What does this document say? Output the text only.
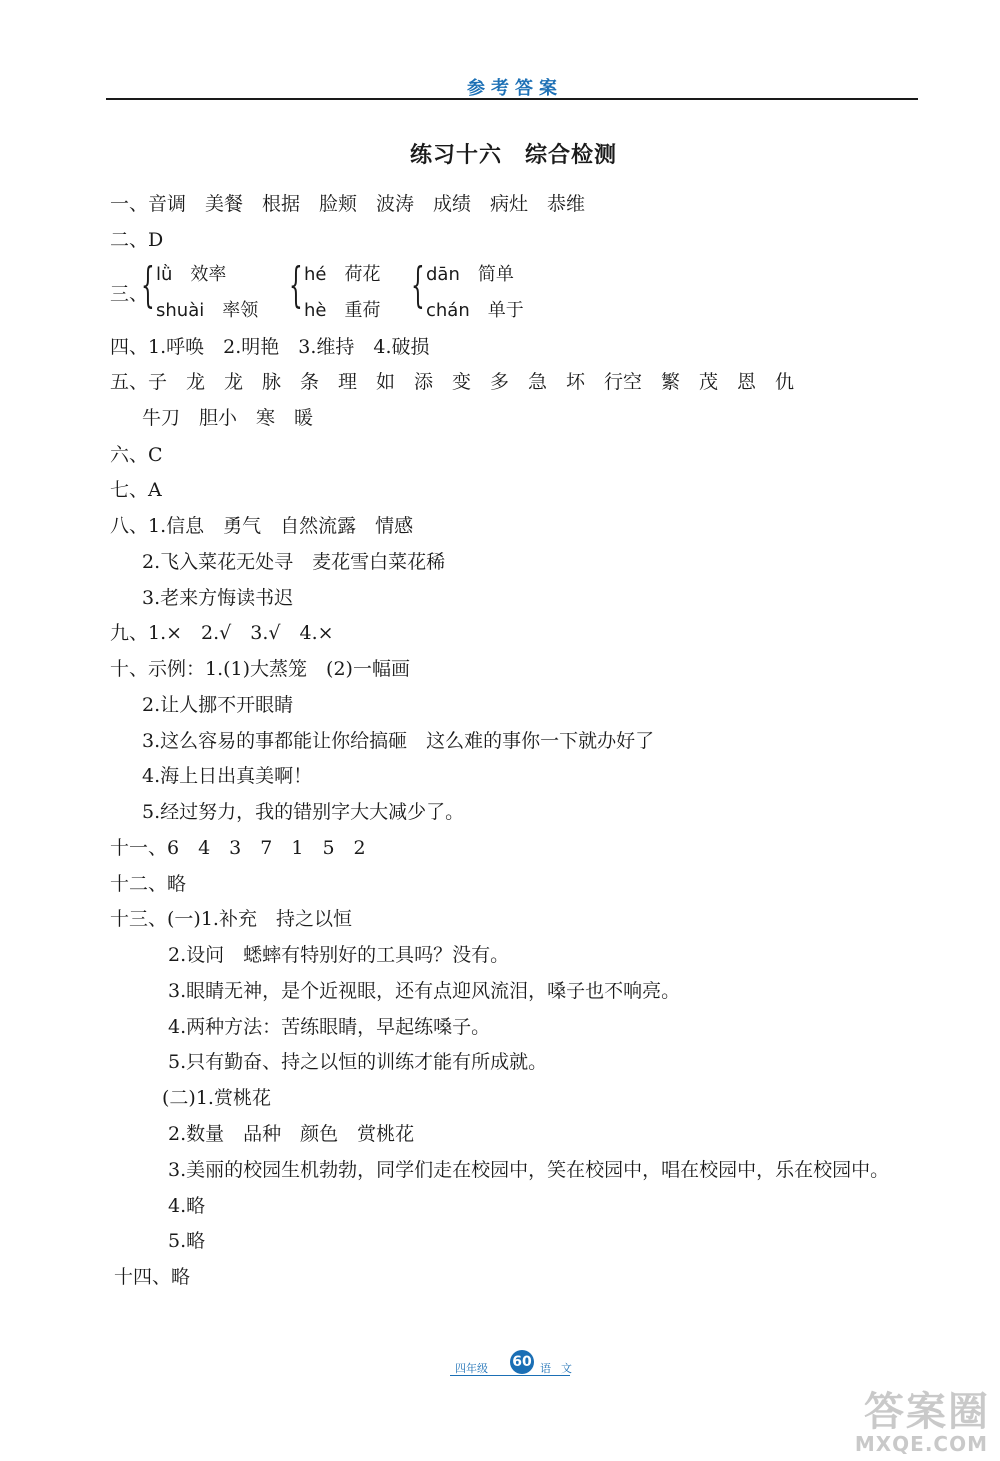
参考答案
练习十六　综合检测
一、音调　美餐　根据　脸颊　波涛　成绩　病灶　恭维
二、D
三、
{ lǜ　效率
shuài　率领 { hé　荷花
hè　重荷 { dān　简单
chán　单于
四、1.呼唤　2.明艳　3.维持　4.破损
五、子　龙　龙　脉　条　理　如　添　变　多　急　坏　行空　繁　茂　恩　仇
牛刀　胆小　寒　暖
六、C
七、A
八、1.信息　勇气　自然流露　情感
2.飞入菜花无处寻　麦花雪白菜花稀
3.老来方悔读书迟
九、1.×　2.√　3.√　4.×
十、示例：1.(1)大蒸笼　(2)一幅画
2.让人挪不开眼睛
3.这么容易的事都能让你给搞砸　这么难的事你一下就办好了
4.海上日出真美啊！
5.经过努力，我的错别字大大减少了。
十一、6　4　3　7　1　5　2
十二、略
十三、(一)1.补充　持之以恒
2.设问　蟋蟀有特别好的工具吗？没有。
3.眼睛无神，是个近视眼，还有点迎风流泪，嗓子也不响亮。
4.两种方法：苦练眼睛，早起练嗓子。
5.只有勤奋、持之以恒的训练才能有所成就。
(二)1.赏桃花
2.数量　品种　颜色　赏桃花
3.美丽的校园生机勃勃，同学们走在校园中，笑在校园中，唱在校园中，乐在校园中。
4.略
5.略
十四、略
四年级 60 语文
答案圈
MXQE.COM
